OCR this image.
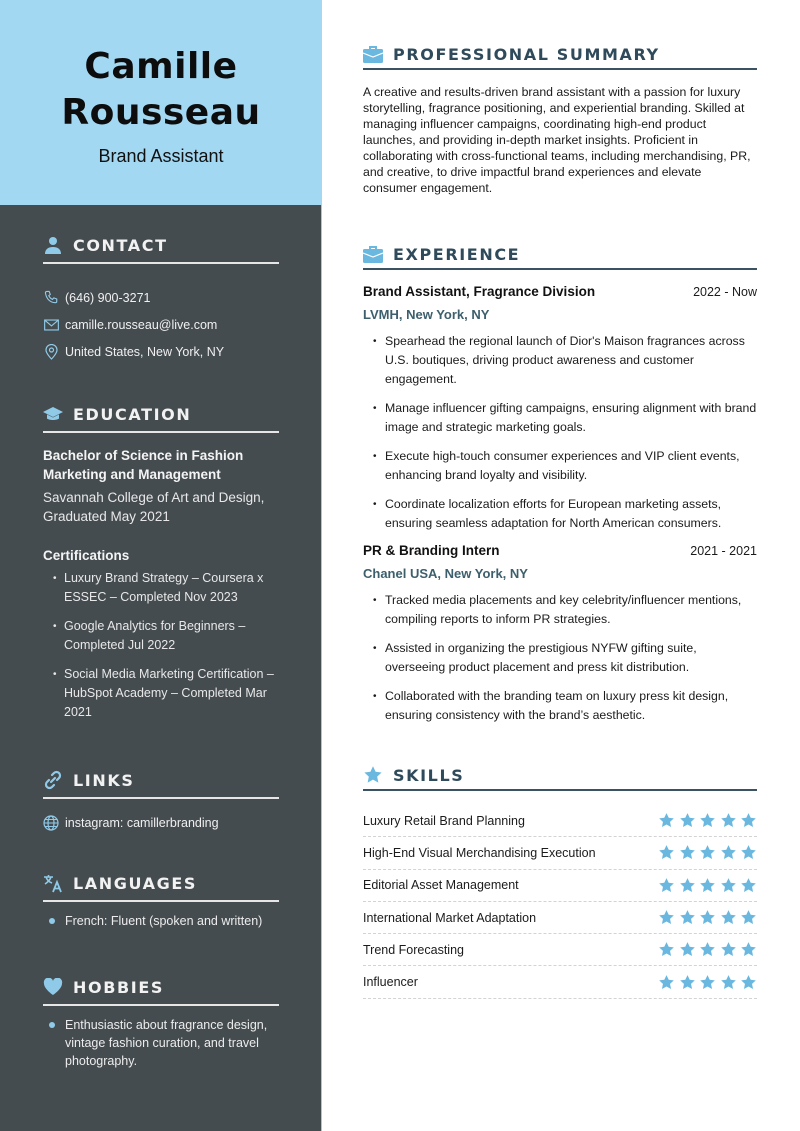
Camille
Rousseau
Brand Assistant
CONTACT
(646) 900-3271
camille.rousseau@live.com
United States, New York, NY
EDUCATION
Bachelor of Science in Fashion Marketing and Management
Savannah College of Art and Design, Graduated May 2021
Certifications
• Luxury Brand Strategy – Coursera x ESSEC – Completed Nov 2023
• Google Analytics for Beginners – Completed Jul 2022
• Social Media Marketing Certification – HubSpot Academy – Completed Mar 2021
LINKS
instagram: camillerbranding
LANGUAGES
French: Fluent (spoken and written)
HOBBIES
Enthusiastic about fragrance design, vintage fashion curation, and travel photography.
PROFESSIONAL SUMMARY

A creative and results-driven brand assistant with a passion for luxury storytelling, fragrance positioning, and experiential branding. Skilled at managing influencer campaigns, coordinating high-end product launches, and providing in-depth market insights. Proficient in collaborating with cross-functional teams, including merchandising, PR, and creative, to drive impactful brand experiences and elevate consumer engagement.

EXPERIENCE
Brand Assistant, Fragrance Division	2022 - Now
LVMH, New York, NY
• Spearhead the regional launch of Dior's Maison fragrances across U.S. boutiques, driving product awareness and customer engagement.
• Manage influencer gifting campaigns, ensuring alignment with brand image and strategic marketing goals.
• Execute high-touch consumer experiences and VIP client events, enhancing brand loyalty and visibility.
• Coordinate localization efforts for European marketing assets, ensuring seamless adaptation for North American consumers.
PR & Branding Intern	2021 - 2021
Chanel USA, New York, NY
• Tracked media placements and key celebrity/influencer mentions, compiling reports to inform PR strategies.
• Assisted in organizing the prestigious NYFW gifting suite, overseeing product placement and press kit distribution.
• Collaborated with the branding team on luxury press kit design, ensuring consistency with the brand’s aesthetic.
SKILLS
Luxury Retail Brand Planning
High-End Visual Merchandising Execution
Editorial Asset Management
International Market Adaptation
Trend Forecasting
Influencer
